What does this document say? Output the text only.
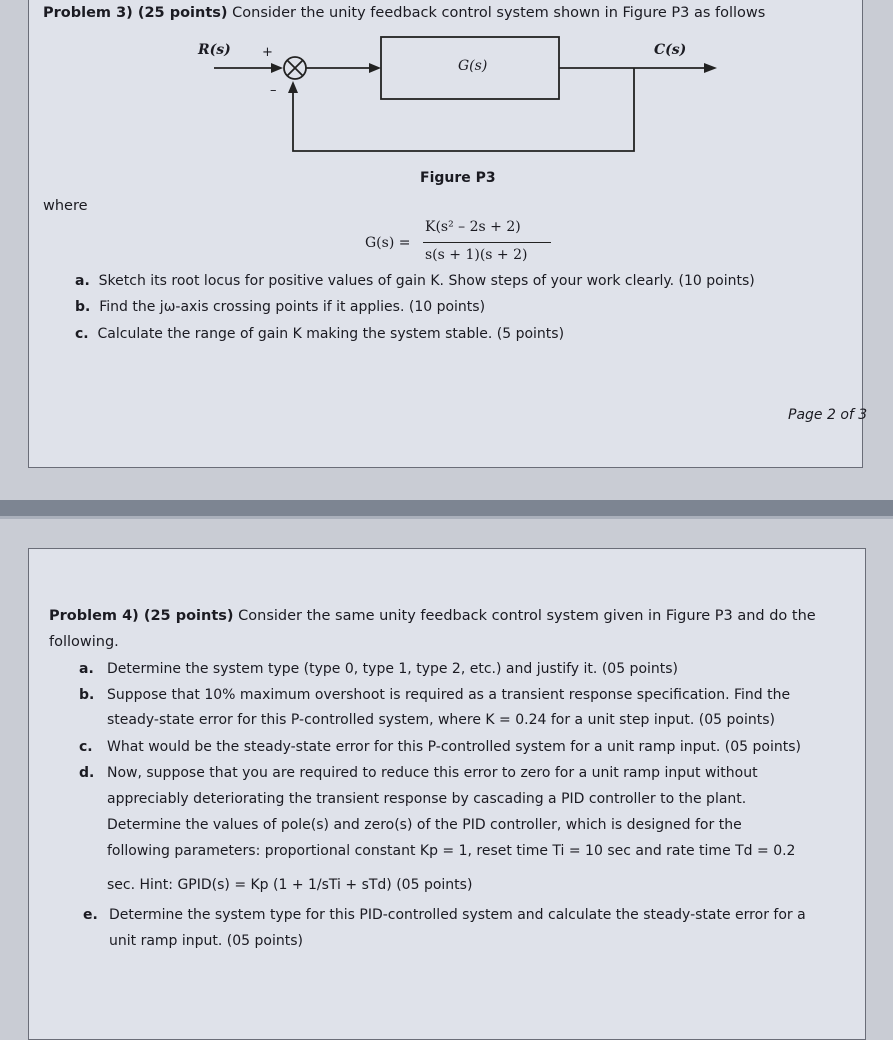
Problem 3) (25 points) Consider the unity feedback control system shown in Figure P3 as follows
R(s) +
–
G(s)
C(s)
Figure P3
where
G(s) =
K(s² – 2s + 2)
s(s + 1)(s + 2)
a. Sketch its root locus for positive values of gain K. Show steps of your work clearly. (10 points)
b. Find the jω-axis crossing points if it applies. (10 points)
c. Calculate the range of gain K making the system stable. (5 points)
Page 2 of 3
Problem 4) (25 points) Consider the same unity feedback control system given in Figure P3 and do the
following.
a. Determine the system type (type 0, type 1, type 2, etc.) and justify it. (05 points)
b. Suppose that 10% maximum overshoot is required as a transient response specification. Find the
steady-state error for this P-controlled system, where K = 0.24 for a unit step input. (05 points)
c. What would be the steady-state error for this P-controlled system for a unit ramp input. (05 points)
d. Now, suppose that you are required to reduce this error to zero for a unit ramp input without
appreciably deteriorating the transient response by cascading a PID controller to the plant.
Determine the values of pole(s) and zero(s) of the PID controller, which is designed for the
following parameters: proportional constant Kp = 1, reset time Ti = 10 sec and rate time Td = 0.2
sec. Hint: GPID(s) = Kp (1 + 1/sTi + sTd) (05 points)
e. Determine the system type for this PID-controlled system and calculate the steady-state error for a
unit ramp input. (05 points)
